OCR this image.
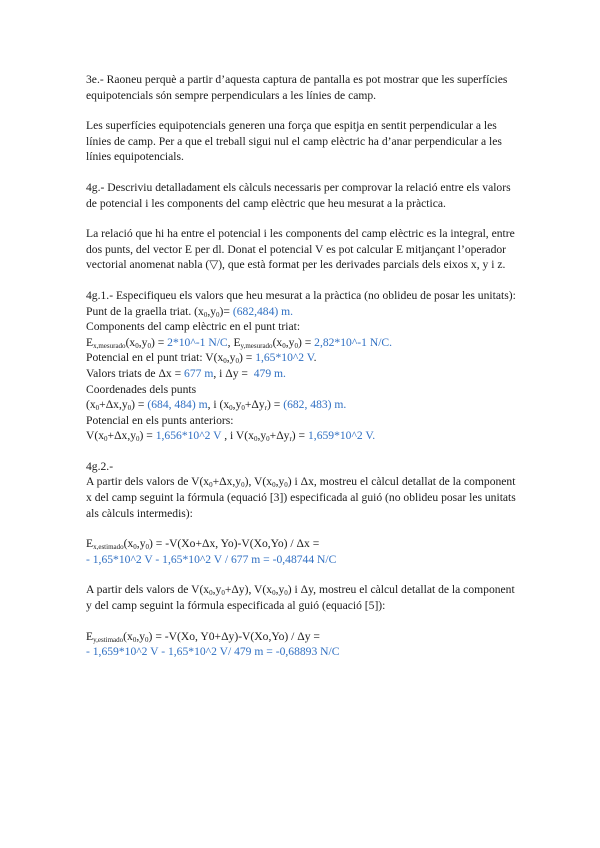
3e.- Raoneu perquè a partir d’aquesta captura de pantalla es pot mostrar que les superfícies equipotencials són sempre perpendiculars a les línies de camp.

Les superfícies equipotencials generen una força que espitja en sentit perpendicular a les línies de camp. Per a que el treball sigui nul el camp elèctric ha d’anar perpendicular a les línies equipotencials.

4g.- Descriviu detalladament els càlculs necessaris per comprovar la relació entre els valors de potencial i les components del camp elèctric que heu mesurat a la pràctica.

La relació que hi ha entre el potencial i les components del camp elèctric es la integral, entre dos punts, del vector E per dl. Donat el potencial V es pot calcular E mitjançant l’operador vectorial anomenat nabla (▽), que està format per les derivades parcials dels eixos x, y i z.

4g.1.- Especifiqueu els valors que heu mesurat a la pràctica (no oblideu de posar les unitats):

Punt de la graella triat. $(x_0,y_0)= (682,484)$ m.

Components del camp elèctric en el punt triat:

$E_{x,mesurado}(x_0,y_0)$ = 2*10^-1 N/C, $E_{y,mesurado}(x_0,y_0)$ = 2,82*10^-1 N/C.

Potencial en el punt triat: $V(x_0,y_0)$ = 1,65*10^2 V.

Valors triats de Δx = 677 m, i Δy =  479 m.

Coordenades dels punts

$(x_0+\Delta x,y_0) = (684$, 484) m, i $(x_0,y_0+\Delta y_r) = (682$, 483) m.

Potencial en els punts anteriors:

$V(x_0+\Delta x,y_0)$ = 1,656*10^2 V , i $V(x_0,y_0+\Delta y_r)$ = 1,659*10^2 V.

4g.2.-

A partir dels valors de $V(x_0+\Delta x,y_0)$, $V(x_0,y_0)$ i Δx, mostreu el càlcul detallat de la component x del camp seguint la fórmula (equació [3]) especificada al guió (no oblideu posar les unitats als càlculs intermedis):

$E_{x,estimado}(x_0,y_0) = -V(Xo+\Delta x$, Yo)-V(Xo,Yo) / Δx =

- 1,65*10^2 V - 1,65*10^2 V / 677 m = -0,48744 N/C

A partir dels valors de $V(x_0,y_0+\Delta y)$, $V(x_0,y_0)$ i Δy, mostreu el càlcul detallat de la component y del camp seguint la fórmula especificada al guió (equació [5]):

$E_{y,estimado}(x_0,y_0) = -V(Xo$, Y0+Δy)-V(Xo,Yo) / Δy =

- 1,659*10^2 V - 1,65*10^2 V/ 479 m = -0,68893 N/C
